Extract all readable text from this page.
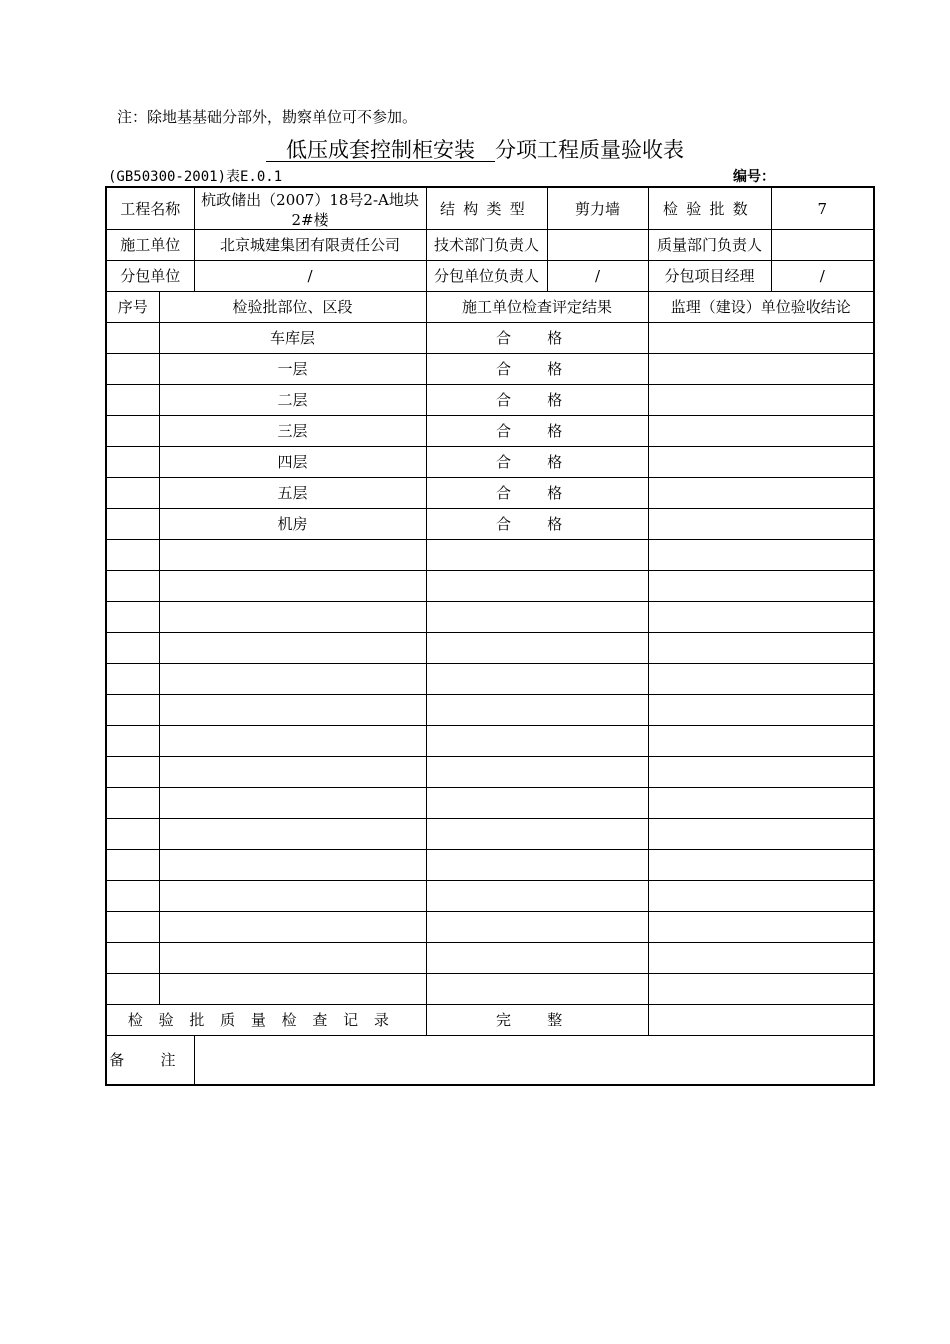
注：除地基基础分部外，勘察单位可不参加。
低压成套控制柜安装   分项工程质量验收表
(GB50300-2001)表E.0.1	编号：
工程名称		杭政储出（2007）18号2-A地块 2#楼	结构类型	剪力墙	检验批数	7
施工单位		北京城建集团有限责任公司	技术部门负责人		质量部门负责人	
分包单位		/	分包单位负责人	/	分包项目经理	/
序号	检验批部位、区段		施工单位检查评定结果		监理（建设）单位验收结论	
	车库层		合 格			
	一层		合 格			
	二层		合 格			
	三层		合 格			
	四层		合 格			
	五层		合 格			
	机房		合 格			

检验批质量检查记录			完 整			
备 注						
